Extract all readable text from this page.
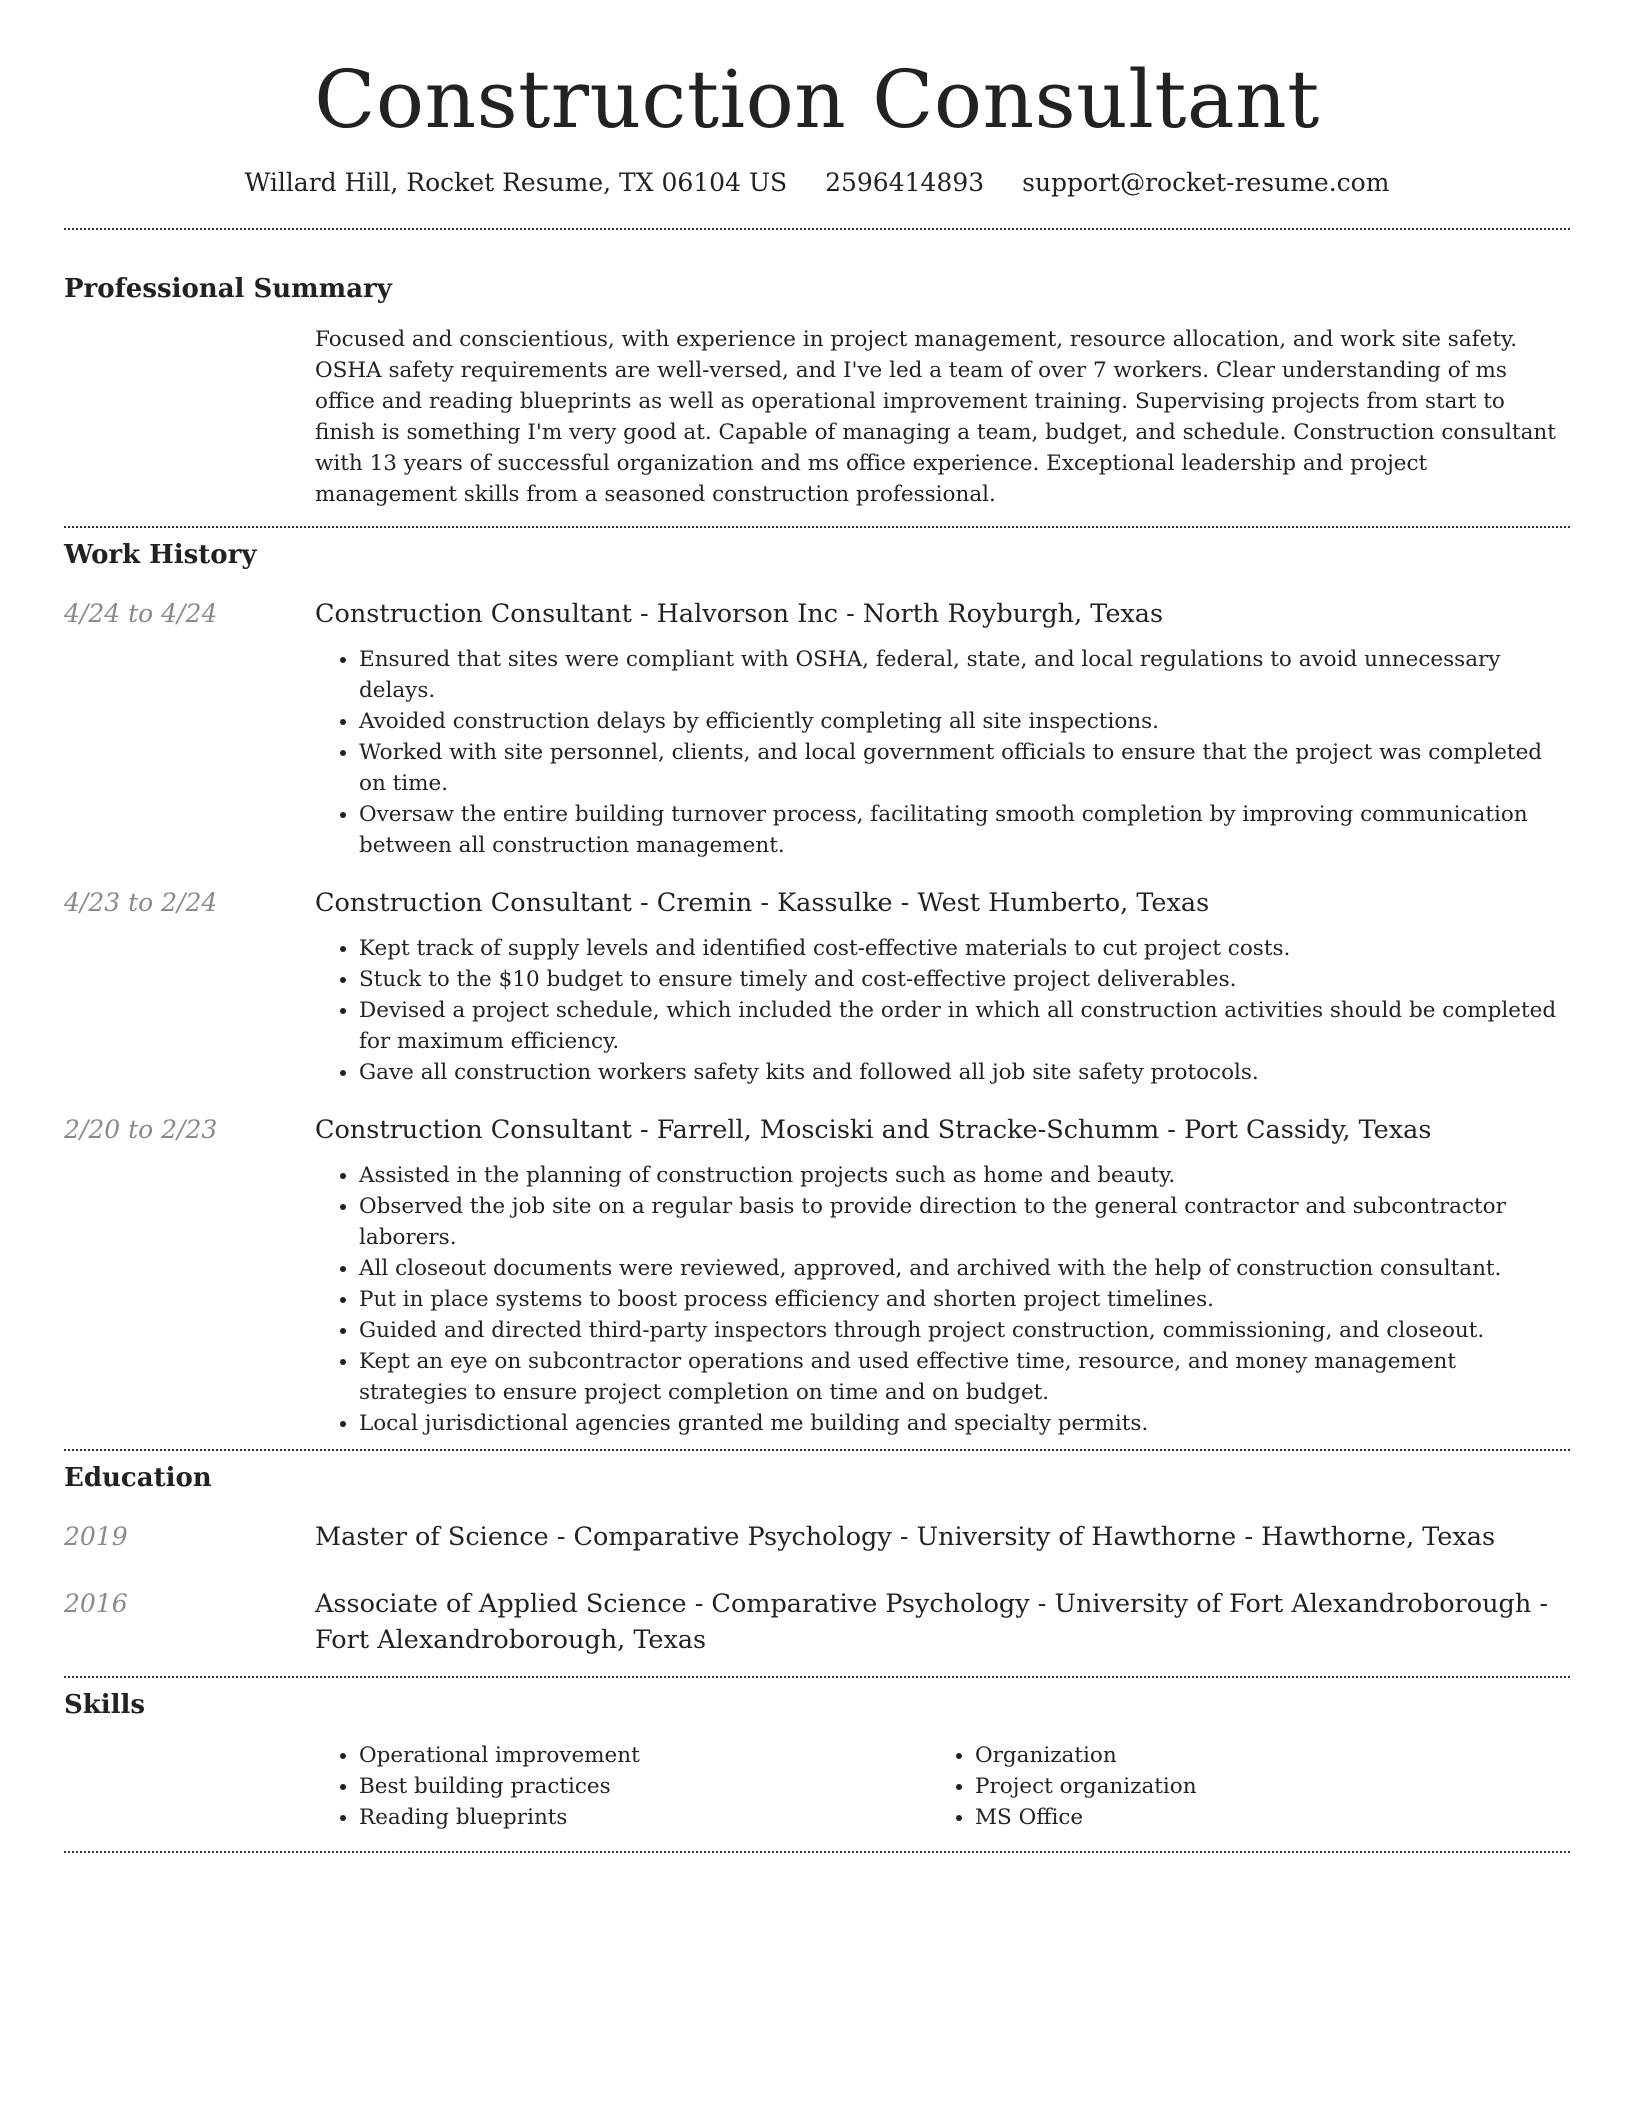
Construction Consultant
Willard Hill, Rocket Resume, TX 06104 US 2596414893 support@rocket-resume.com
Professional Summary

Focused and conscientious, with experience in project management, resource allocation, and work site safety. OSHA safety requirements are well-versed, and I've led a team of over 7 workers. Clear understanding of ms office and reading blueprints as well as operational improvement training. Supervising projects from start to finish is something I'm very good at. Capable of managing a team, budget, and schedule. Construction consultant with 13 years of successful organization and ms office experience. Exceptional leadership and project management skills from a seasoned construction professional.

Work History
4/24 to 4/24	Construction Consultant - Halvorson Inc - North Royburgh, Texas
• Ensured that sites were compliant with OSHA, federal, state, and local regulations to avoid unnecessary delays.
• Avoided construction delays by efficiently completing all site inspections.
• Worked with site personnel, clients, and local government officials to ensure that the project was completed on time.
• Oversaw the entire building turnover process, facilitating smooth completion by improving communication between all construction management.
4/23 to 2/24	Construction Consultant - Cremin - Kassulke - West Humberto, Texas
• Kept track of supply levels and identified cost-effective materials to cut project costs.
• Stuck to the $10 budget to ensure timely and cost-effective project deliverables.
• Devised a project schedule, which included the order in which all construction activities should be completed for maximum efficiency.
• Gave all construction workers safety kits and followed all job site safety protocols.
2/20 to 2/23	Construction Consultant - Farrell, Mosciski and Stracke-Schumm - Port Cassidy, Texas
• Assisted in the planning of construction projects such as home and beauty.
• Observed the job site on a regular basis to provide direction to the general contractor and subcontractor laborers.
• All closeout documents were reviewed, approved, and archived with the help of construction consultant.
• Put in place systems to boost process efficiency and shorten project timelines.
• Guided and directed third-party inspectors through project construction, commissioning, and closeout.
• Kept an eye on subcontractor operations and used effective time, resource, and money management strategies to ensure project completion on time and on budget.
• Local jurisdictional agencies granted me building and specialty permits.
Education
2019	Master of Science - Comparative Psychology - University of Hawthorne - Hawthorne, Texas
2016	Associate of Applied Science - Comparative Psychology - University of Fort Alexandroborough - Fort Alexandroborough, Texas
Skills
• Operational improvement
• Best building practices
• Reading blueprints
• Organization
• Project organization
• MS Office
